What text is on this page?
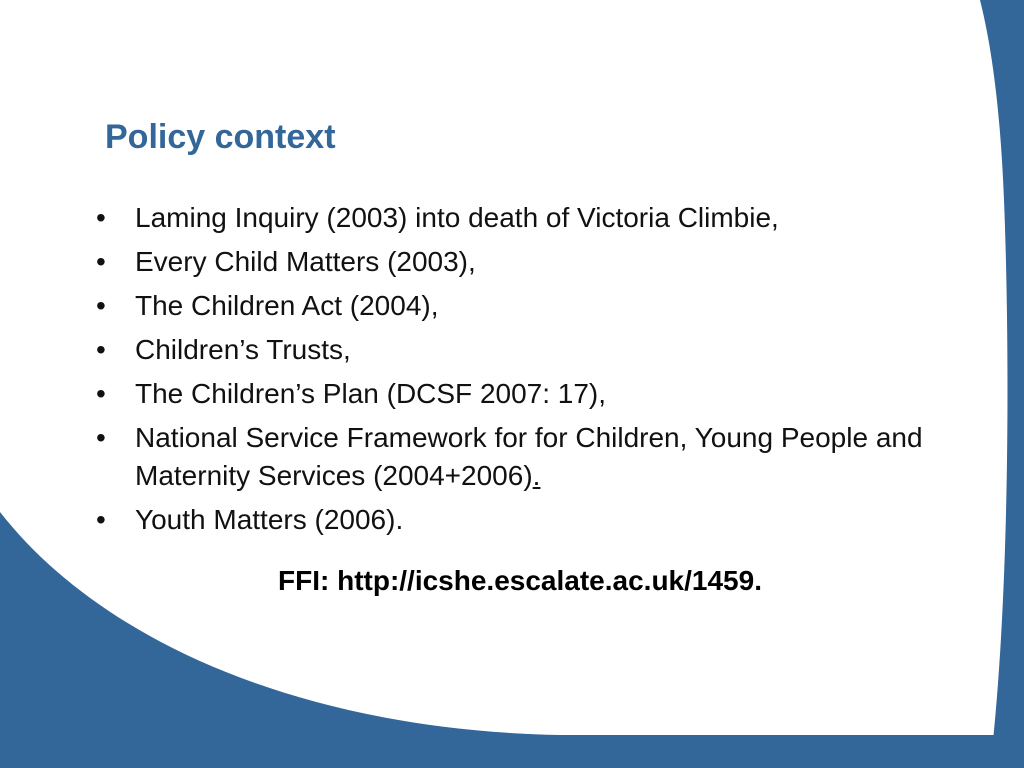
Policy context
• Laming Inquiry (2003) into death of Victoria Climbie,
• Every Child Matters (2003),
• The Children Act (2004),
• Children’s Trusts,
• The Children’s Plan (DCSF 2007: 17),
• National Service Framework for for Children, Young People and Maternity Services (2004+2006).
• Youth Matters (2006).

FFI: http://icshe.escalate.ac.uk/1459.
